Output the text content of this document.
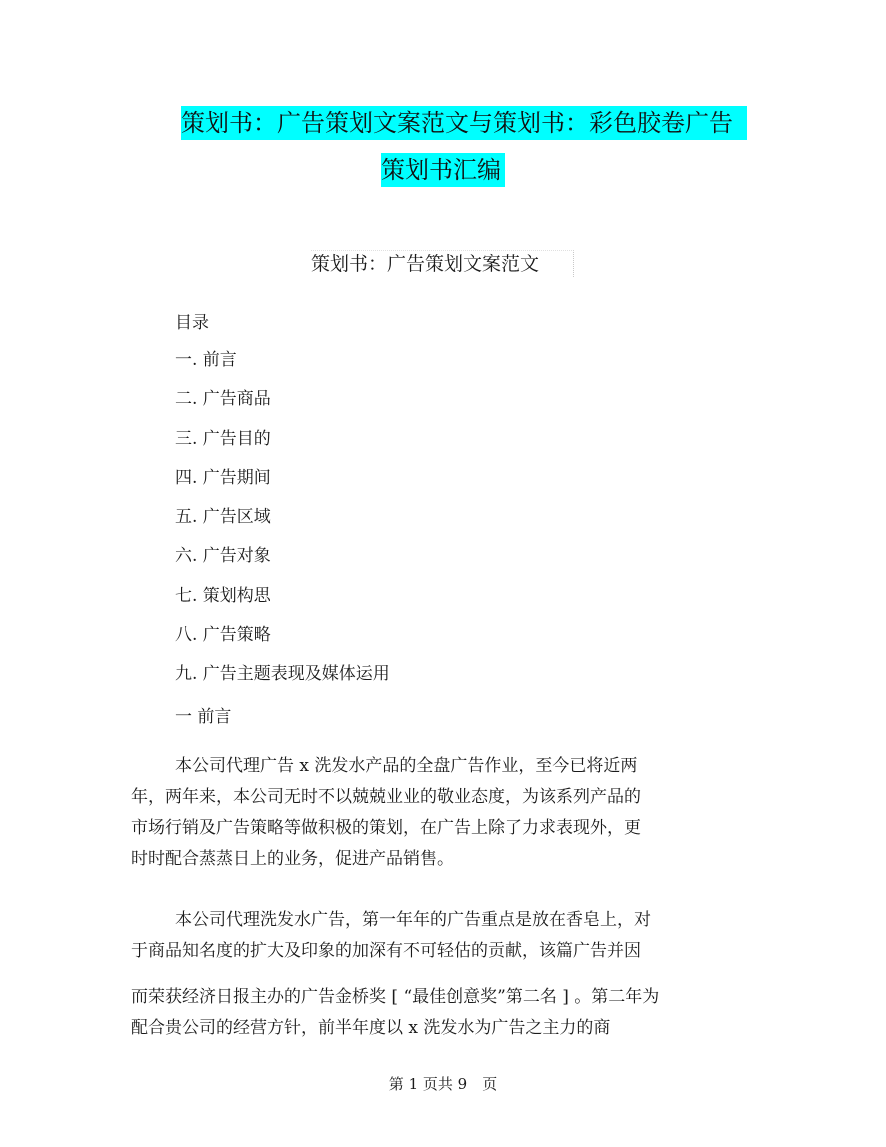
策划书：广告策划文案范文与策划书：彩色胶卷广告
策划书汇编
策划书：广告策划文案范文
目录
一. 前言
二. 广告商品
三. 广告目的
四. 广告期间
五. 广告区域
六. 广告对象
七. 策划构思
八. 广告策略
九. 广告主题表现及媒体运用
一 前言

本公司代理广告 x 洗发水产品的全盘广告作业，至今已将近两
年，两年来，本公司无时不以兢兢业业的敬业态度，为该系列产品的
市场行销及广告策略等做积极的策划，在广告上除了力求表现外，更
时时配合蒸蒸日上的业务，促进产品销售。

本公司代理洗发水广告，第一年年的广告重点是放在香皂上，对
于商品知名度的扩大及印象的加深有不可轻估的贡献，该篇广告并因

而荣获经济日报主办的广告金桥奖 [ “最佳创意奖”第二名 ] 。第二年为
配合贵公司的经营方针，前半年度以 x 洗发水为广告之主力的商

第 1 页共 9　页
